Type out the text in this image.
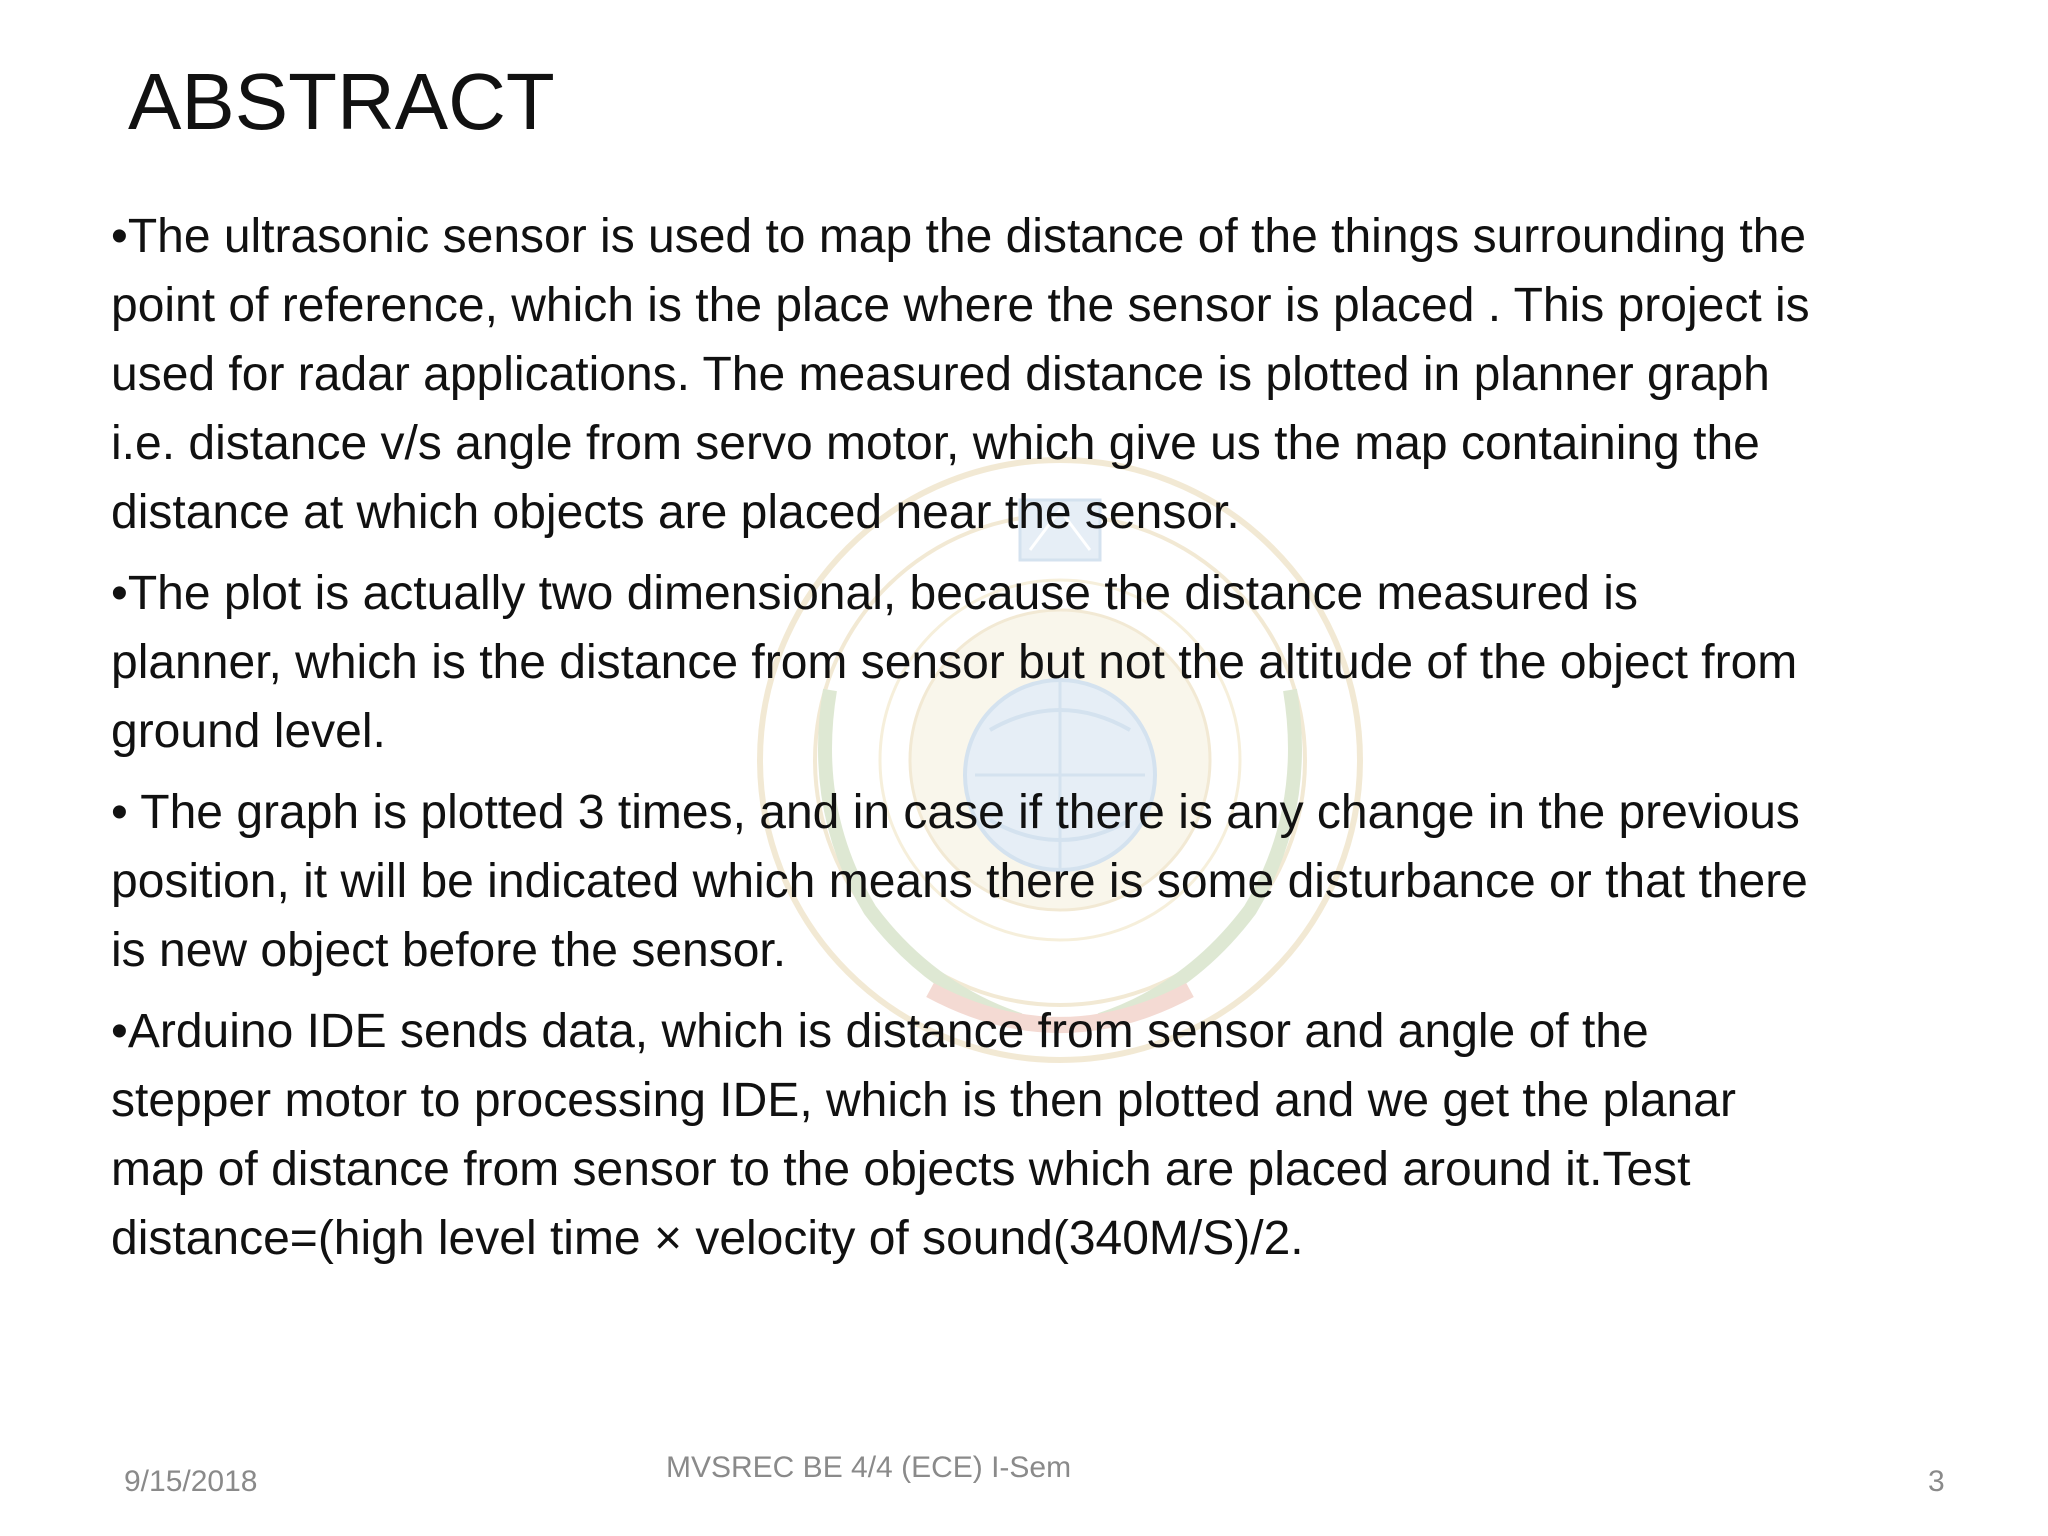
ABSTRACT
•The ultrasonic sensor is used to map the distance of the things surrounding the point of reference, which is the place where the sensor is placed . This project is used for radar applications. The measured distance is plotted in planner graph i.e. distance v/s angle from servo motor, which give us the map containing the distance at which objects are placed near the sensor.
•The plot is actually two dimensional, because the distance measured is planner, which is the distance from sensor but not the altitude of the object from ground level.
• The graph is plotted 3 times, and in case if there is any change in the previous position, it will be indicated which means there is some disturbance or that there is new object before the sensor.
•Arduino IDE sends data, which is distance from sensor and angle of the stepper motor to processing IDE, which is then plotted and we get the planar map of distance from sensor to the objects which are placed around it.Test distance=(high level time × velocity of sound(340M/S)/2.
9/15/2018	MVSREC BE 4/4 (ECE) I-Sem	3
